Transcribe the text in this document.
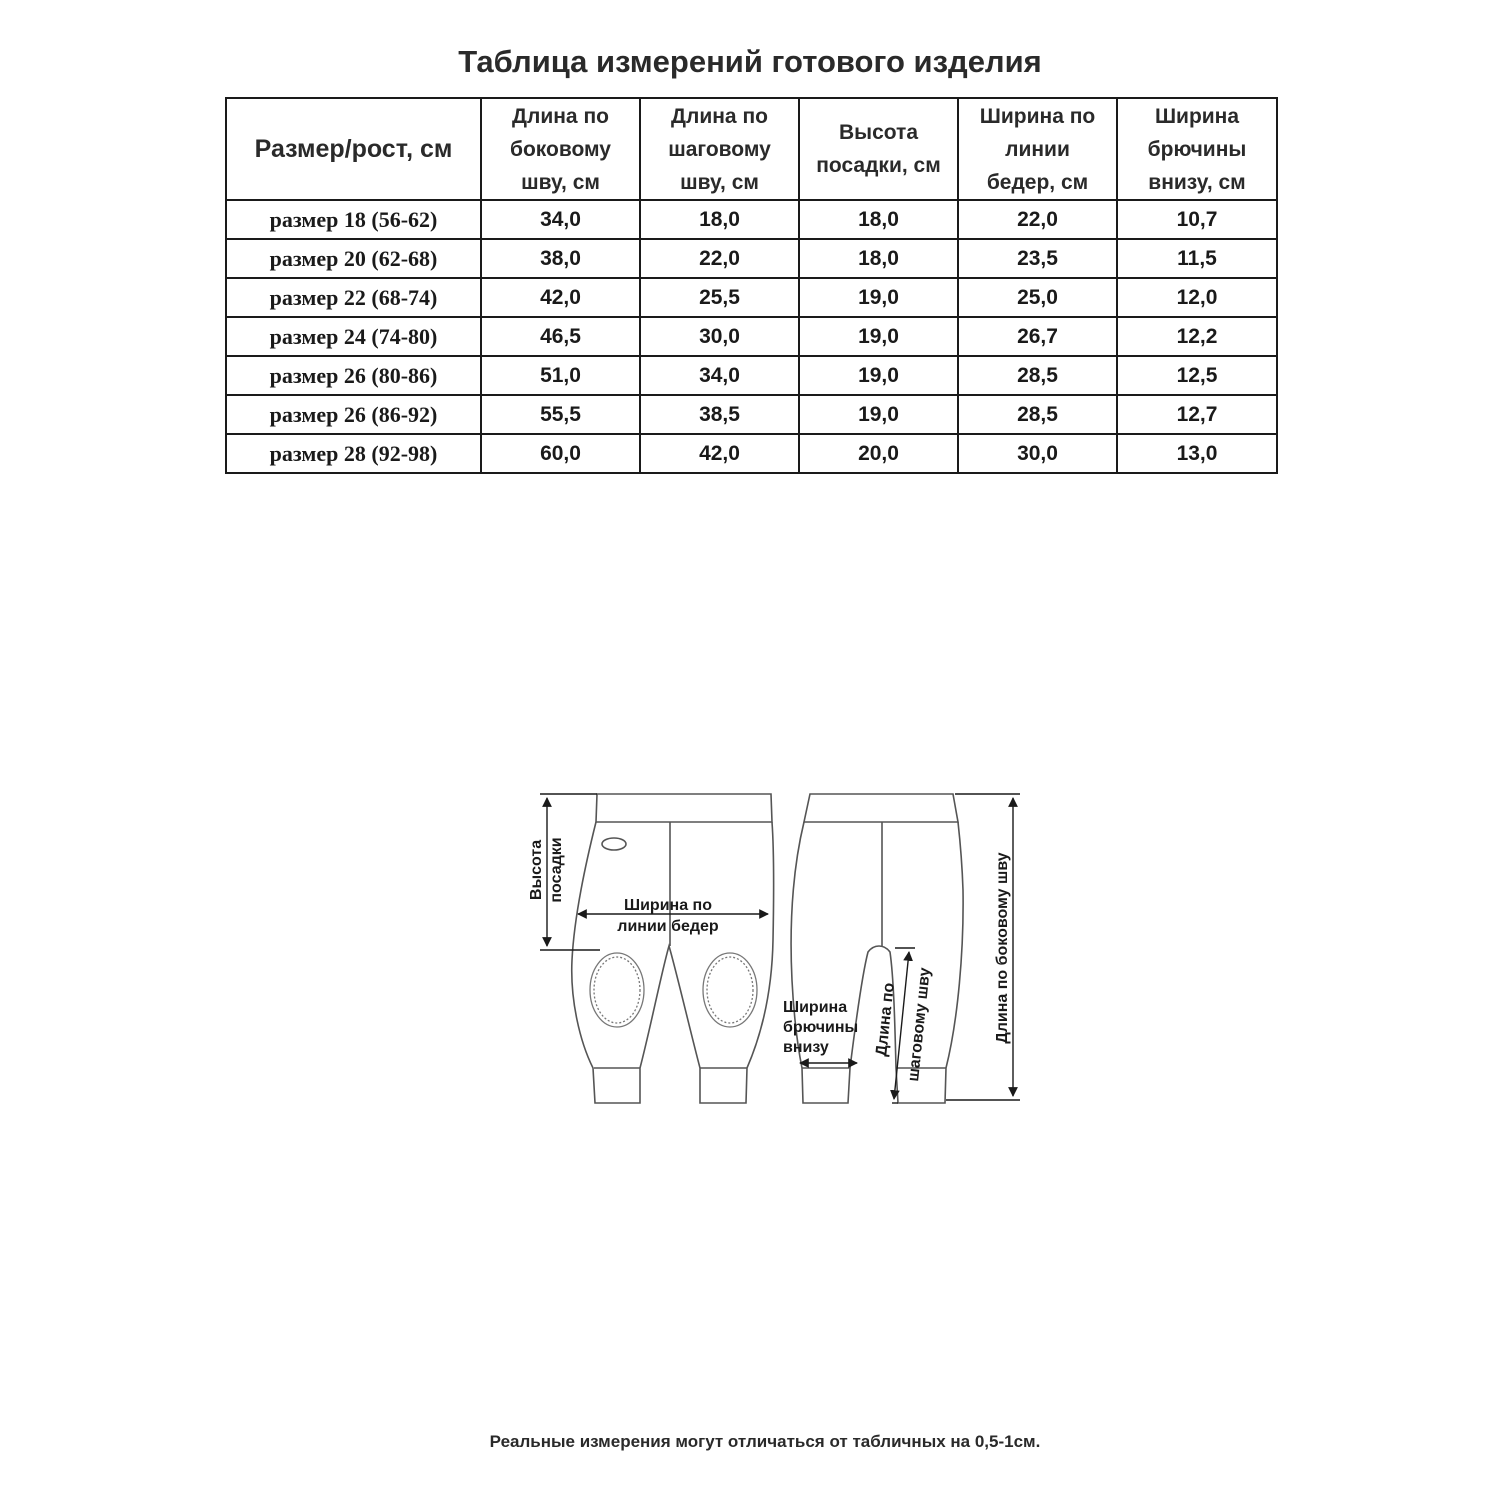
Таблица измерений готового изделия
Размер/рост, см	Длина по боковому шву, см	Длина по шаговому шву, см	Высота посадки, см	Ширина по линии бедер, см	Ширина брючины внизу, см

размер 18 (56-62)	34,0	18,0	18,0	22,0	10,7
размер 20 (62-68)	38,0	22,0	18,0	23,5	11,5
размер 22 (68-74)	42,0	25,5	19,0	25,0	12,0
размер 24 (74-80)	46,5	30,0	19,0	26,7	12,2
размер 26 (80-86)	51,0	34,0	19,0	28,5	12,5
размер 26 (86-92)	55,5	38,5	19,0	28,5	12,7
размер 28 (92-98)	60,0	42,0	20,0	30,0	13,0
Высота посадки
Ширина по
линии бедер
Ширина
брючины
внизу	Длина по шаговому шву	Длина по боковому шву

Реальные измерения могут отличаться от табличных на 0,5-1см.
